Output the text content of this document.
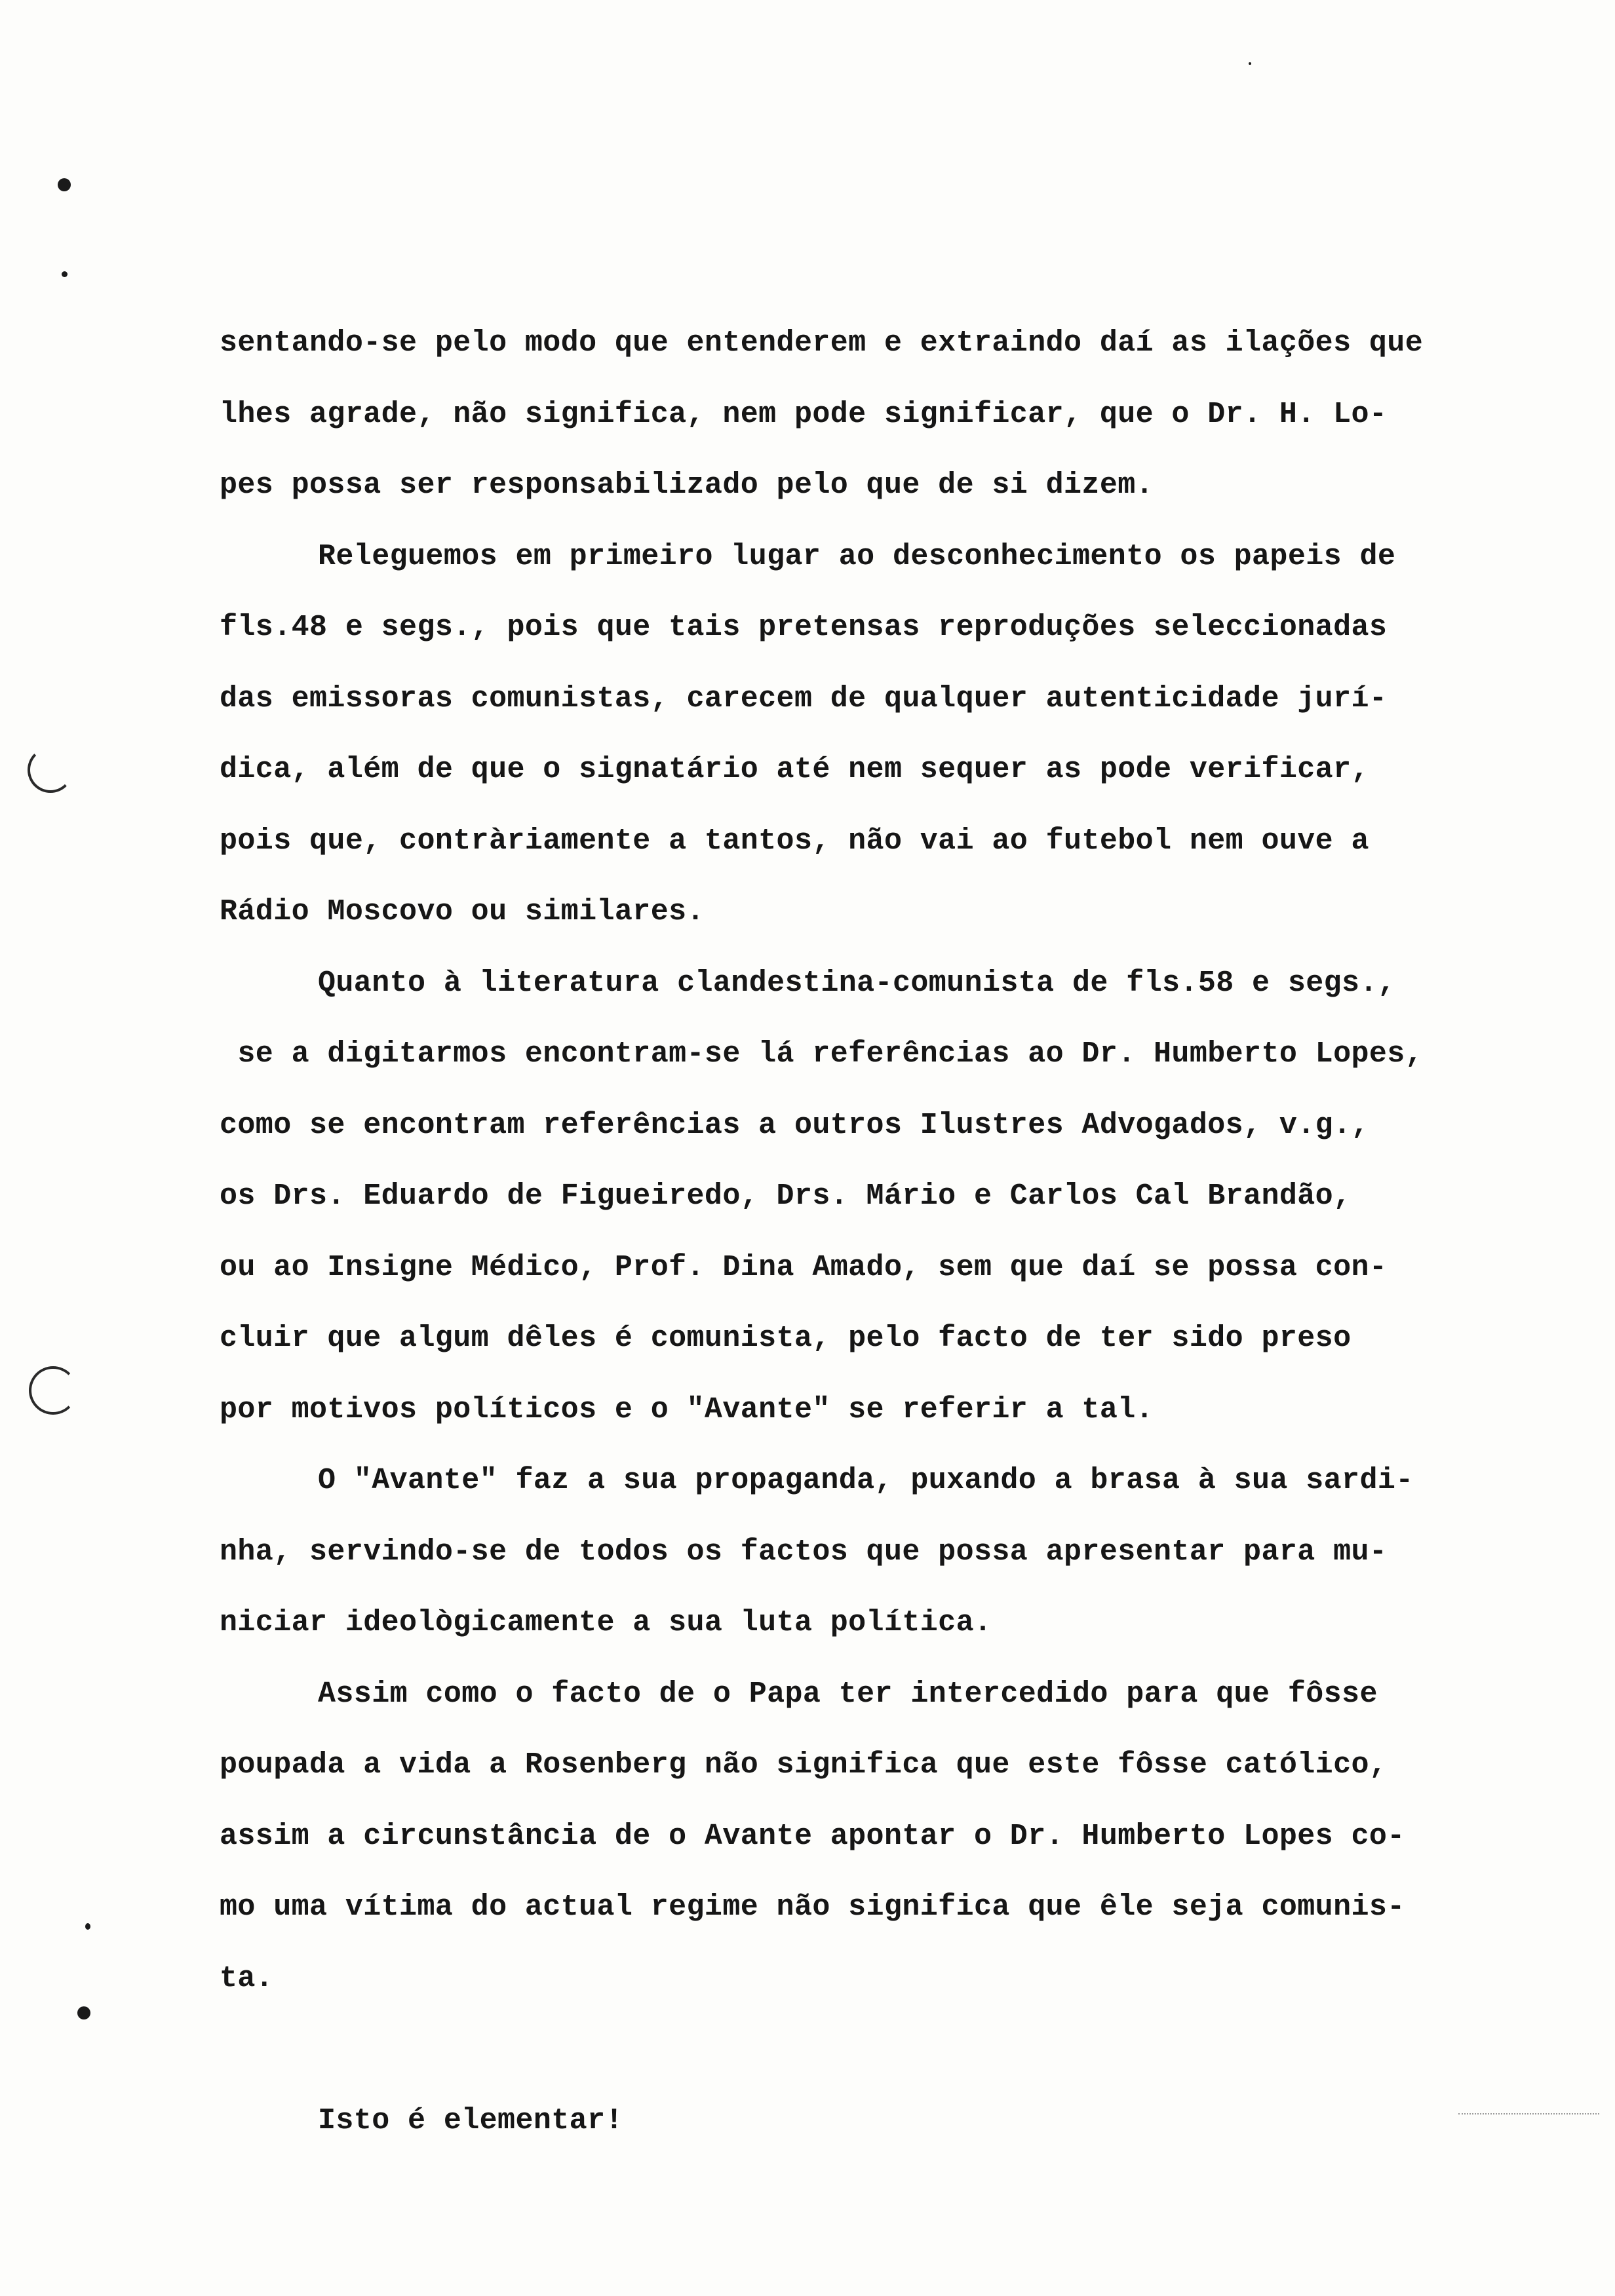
sentando-se pelo modo que entenderem e extraindo daí as ilações que
lhes agrade, não significa, nem pode significar, que o Dr. H. Lo-
pes possa ser responsabilizado pelo que de si dizem.
Releguemos em primeiro lugar ao desconhecimento os papeis de
fls.48 e segs., pois que tais pretensas reproduções seleccionadas
das emissoras comunistas, carecem de qualquer autenticidade jurí-
dica, além de que o signatário até nem sequer as pode verificar,
pois que, contràriamente a tantos, não vai ao futebol nem ouve a
Rádio Moscovo ou similares.
Quanto à literatura clandestina-comunista de fls.58 e segs.,
se a digitarmos encontram-se lá referências ao Dr. Humberto Lopes,
como se encontram referências a outros Ilustres Advogados, v.g.,
os Drs. Eduardo de Figueiredo, Drs. Mário e Carlos Cal Brandão,
ou ao Insigne Médico, Prof. Dina Amado, sem que daí se possa con-
cluir que algum dêles é comunista, pelo facto de ter sido preso
por motivos políticos e o "Avante" se referir a tal.
O "Avante" faz a sua propaganda, puxando a brasa à sua sardi-
nha, servindo-se de todos os factos que possa apresentar para mu-
niciar ideològicamente a sua luta política.
Assim como o facto de o Papa ter intercedido para que fôsse
poupada a vida a Rosenberg não significa que este fôsse católico,
assim a circunstância de o Avante apontar o Dr. Humberto Lopes co-
mo uma vítima do actual regime não significa que êle seja comunis-
ta.
Isto é elementar!
